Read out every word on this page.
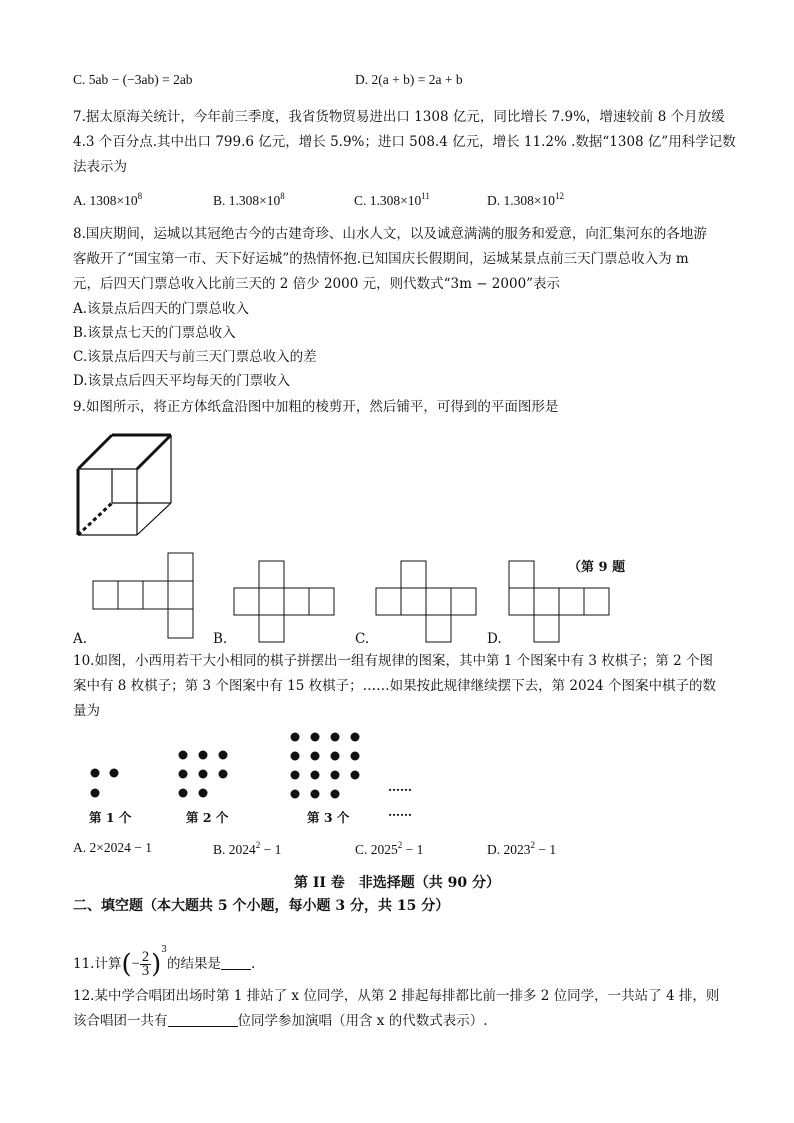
C. 5ab − (−3ab) = 2ab	D. 2(a + b) = 2a + b
7.据太原海关统计，今年前三季度，我省货物贸易进出口 1308 亿元，同比增长 7.9%，增速较前 8 个月放缓
4.3 个百分点.其中出口 799.6 亿元，增长 5.9%；进口 508.4 亿元，增长 11.2% .数据“1308 亿”用科学记数
法表示为
A. $1308\times 10^8$	B. $1.308\times 10^8$	C. $1.308\times 10^{11}$	D. $1.308\times 10^{12}$
8.国庆期间，运城以其冠绝古今的古建奇珍、山水人文，以及诚意满满的服务和爱意，向汇集河东的各地游
客敞开了“国宝第一市、天下好运城”的热情怀抱.已知国庆长假期间，运城某景点前三天门票总收入为 m
元，后四天门票总收入比前三天的 2 倍少 2000 元，则代数式“3m − 2000”表示
A.该景点后四天的门票总收入
B.该景点七天的门票总收入
C.该景点后四天与前三天门票总收入的差
D.该景点后四天平均每天的门票收入
9.如图所示，将正方体纸盒沿图中加粗的棱剪开，然后铺平，可得到的平面图形是
（第 9 题
A.	B.	C.	D.
10.如图，小西用若干大小相同的棋子拼摆出一组有规律的图案，其中第 1 个图案中有 3 枚棋子；第 2 个图
案中有 8 枚棋子；第 3 个图案中有 15 枚棋子；……如果按此规律继续摆下去，第 2024 个图案中棋子的数
量为
……
……
第 1 个	第 2 个	第 3 个
A. 2×2024 − 1	B. $2024^2 - 1$	C. $2025^2 - 1$	D. $2023^2 - 1$
第 II 卷　非选择题（共 90 分）
二、填空题（本大题共 5 个小题，每小题 3 分，共 15 分）
11.计算(− $\frac{2}{3} )^3$的结果是 .
12.某中学合唱团出场时第 1 排站了 x 位同学，从第 2 排起每排都比前一排多 2 位同学，一共站了 4 排，则
该合唱团一共有	位同学参加演唱（用含 x 的代数式表示）.
